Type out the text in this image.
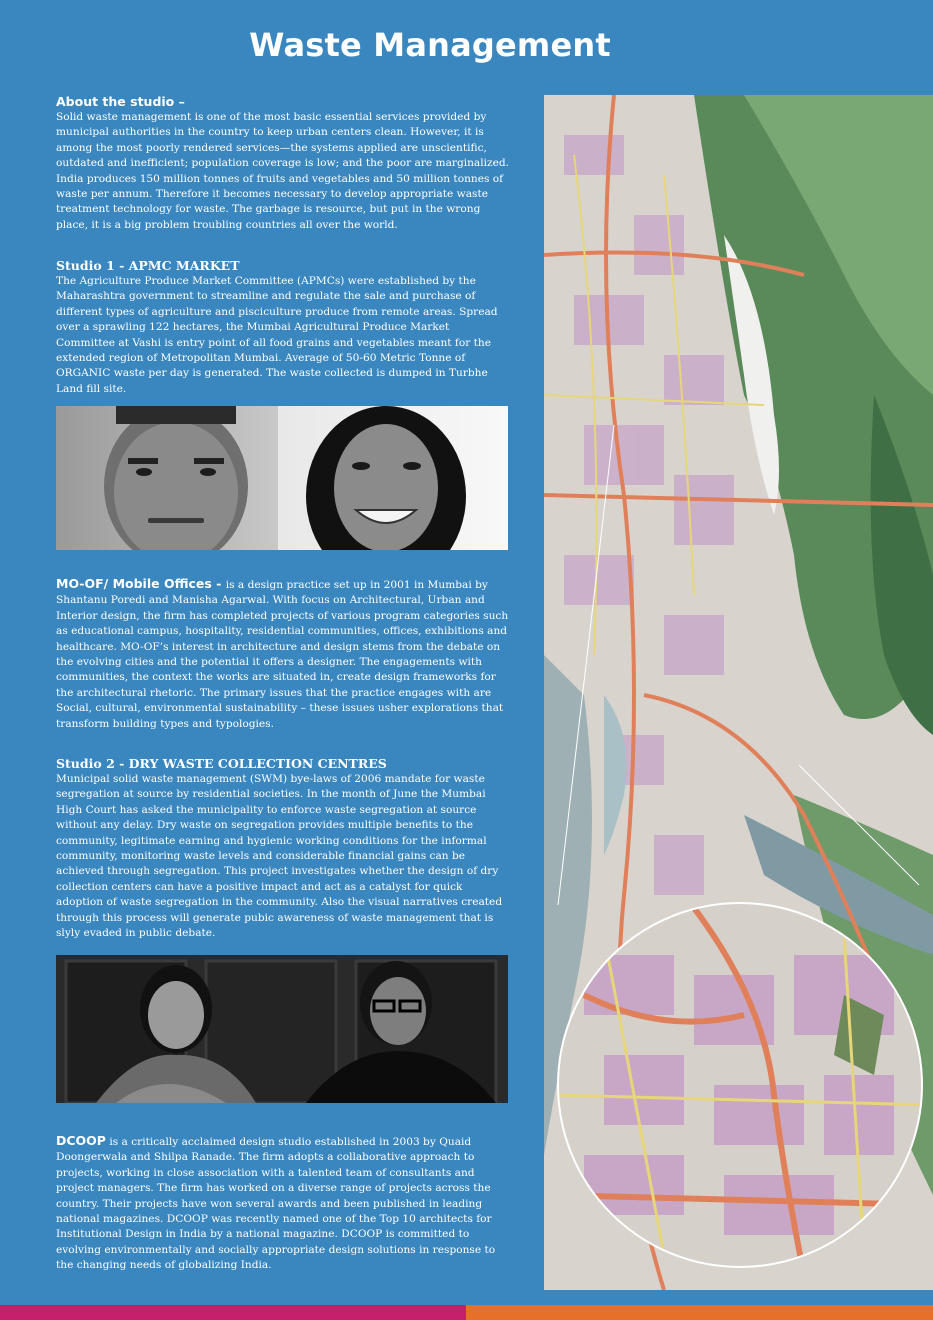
Waste Management
About the studio –

Solid waste management is one of the most basic essential services provided by municipal authorities in the country to keep urban centers clean. However, it is among the most poorly rendered services—the systems applied are unscientific, outdated and inefficient; population coverage is low; and the poor are marginalized. India produces 150 million tonnes of fruits and vegetables and 50 million tonnes of waste per annum. Therefore it becomes necessary to develop appropriate waste treatment technology for waste. The garbage is resource, but put in the wrong place, it is a big problem troubling countries all over the world.

Studio 1 - APMC MARKET

The Agriculture Produce Market Committee (APMCs) were established by the Maharashtra government to streamline and regulate the sale and purchase of different types of agriculture and pisciculture produce from remote areas. Spread over a sprawling 122 hectares, the Mumbai Agricultural Produce Market Committee at Vashi is entry point of all food grains and vegetables meant for the extended region of Metropolitan Mumbai. Average of 50-60 Metric Tonne of ORGANIC waste per day is generated. The waste collected is dumped in Turbhe Land fill site.

MO-OF/ Mobile Offices - is a design practice set up in 2001 in Mumbai by Shantanu Poredi and Manisha Agarwal. With focus on Architectural, Urban and Interior design, the firm has completed projects of various program categories such as educational campus, hospitality, residential communities, offices, exhibitions and healthcare. MO-OF’s interest in architecture and design stems from the debate on the evolving cities and the potential it offers a designer. The engagements with communities, the context the works are situated in, create design frameworks for the architectural rhetoric. The primary issues that the practice engages with are Social, cultural, environmental sustainability – these issues usher explorations that transform building types and typologies.

Studio 2 - DRY WASTE COLLECTION CENTRES

Municipal solid waste management (SWM) bye-laws of 2006 mandate for waste segregation at source by residential societies. In the month of June the Mumbai High Court has asked the municipality to enforce waste segregation at source without any delay. Dry waste on segregation provides multiple benefits to the community, legitimate earning and hygienic working conditions for the informal community, monitoring waste levels and considerable financial gains can be achieved through segregation. This project investigates whether the design of dry collection centers can have a positive impact and act as a catalyst for quick adoption of waste segregation in the community. Also the visual narratives created through this process will generate pubic awareness of waste management that is slyly evaded in public debate.

DCOOP is a critically acclaimed design studio established in 2003 by Quaid Doongerwala and Shilpa Ranade. The firm adopts a collaborative approach to projects, working in close association with a talented team of consultants and project managers. The firm has worked on a diverse range of projects across the country. Their projects have won several awards and been published in leading national magazines. DCOOP was recently named one of the Top 10 architects for Institutional Design in India by a national magazine. DCOOP is committed to evolving environmentally and socially appropriate design solutions in response to the changing needs of globalizing India.
